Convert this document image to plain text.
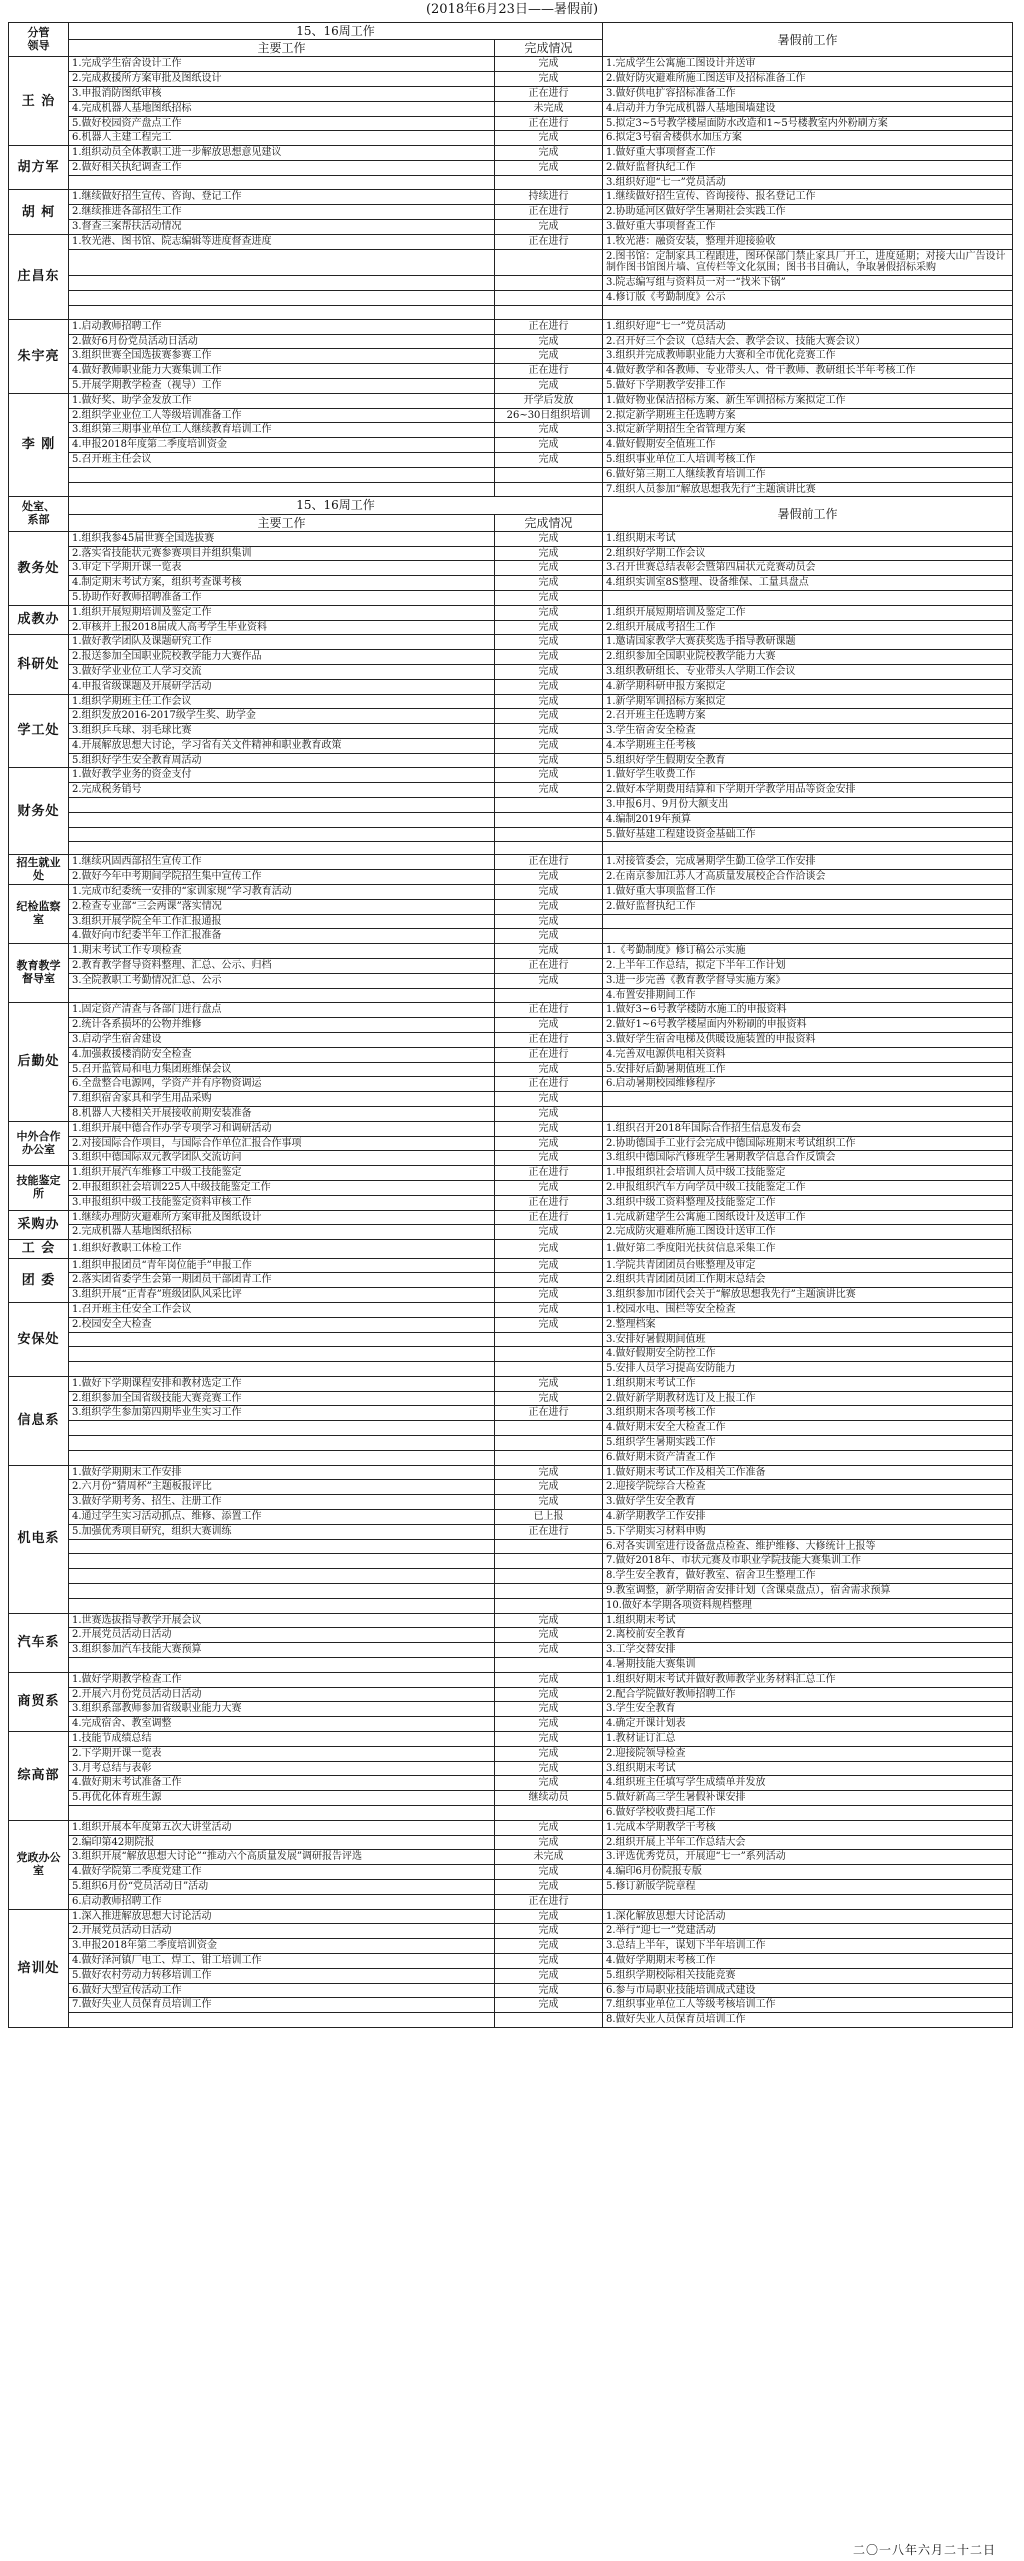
(2018年6月23日——暑假前)
分管
领导	15、16周工作		暑假前工作
	主要工作	完成情况	
王 治	1.完成学生宿舍设计工作	完成	1.完成学生公寓施工图设计并送审
	2.完成救援所方案审批及图纸设计	完成	2.做好防灾避难所施工图送审及招标准备工作
	3.申报消防图纸审核	正在进行	3.做好供电扩容招标准备工作
	4.完成机器人基地图纸招标	未完成	4.启动并力争完成机器人基地围墙建设
	5.做好校园资产盘点工作	正在进行	5.拟定3~5号教学楼屋面防水改造和1~5号楼教室内外粉刷方案
	6.机器人主建工程完工	完成	6.拟定3号宿舍楼供水加压方案
胡方军	1.组织动员全体教职工进一步解放思想意见建议	完成	1.做好重大事项督查工作
	2.做好相关执纪调查工作	完成	2.做好监督执纪工作
			3.组织好迎“七一”党员活动
胡 柯	1.继续做好招生宣传、咨询、登记工作	持续进行	1.继续做好招生宣传、咨询接待、报名登记工作
	2.继续推进各部招生工作	正在进行	2.协助延河区做好学生暑期社会实践工作
	3.督查三案帮扶活动情况	完成	3.做好重大事项督查工作
庄昌东	1.牧光港、图书馆、院志编辑等进度督查进度	正在进行	1.牧光港：融资安装，整理并迎接验收
			2.图书馆：定制家具工程跟进，图环保部门禁止家具厂开工，进度延期；对接大山广告设计制作图书馆图片墙、宣传栏等文化氛围；图书书目确认，争取暑假招标采购
			3.院志编写组与资料员一对一“找米下锅”
			4.修订版《考勤制度》公示

朱宇亮	1.启动教师招聘工作	正在进行	1.组织好迎“七一”党员活动
	2.做好6月份党员活动日活动	完成	2.召开好三个会议（总结大会、教学会议、技能大赛会议）
	3.组织世赛全国选拔赛参赛工作	完成	3.组织并完成教师职业能力大赛和全市优化竞赛工作
	4.做好教师职业能力大赛集训工作	正在进行	4.做好教学和各教师、专业带头人、骨干教师、教研组长半年考核工作
	5.开展学期教学检查（视导）工作	完成	5.做好下学期教学安排工作
李 刚	1.做好奖、助学金发放工作	开学后发放	1.做好物业保洁招标方案、新生军训招标方案拟定工作
	2.组织学业业位工人等级培训准备工作	26~30日组织培训	2.拟定新学期班主任选聘方案
	3.组织第三期事业单位工人继续教育培训工作	完成	3.拟定新学期招生全省管理方案
	4.申报2018年度第二季度培训资金	完成	4.做好假期安全值班工作
	5.召开班主任会议	完成	5.组织事业单位工人培训考核工作
			6.做好第三期工人继续教育培训工作
			7.组织人员参加“解放思想我先行”主题演讲比赛
处室、
系部	15、16周工作		暑假前工作
	主要工作	完成情况	
教务处	1.组织我参45届世赛全国选拔赛	完成	1.组织期末考试
	2.落实省技能状元赛参赛项目并组织集训	完成	2.组织好学期工作会议
	3.审定下学期开课一览表	完成	3.召开世赛总结表彰会暨第四届状元竞赛动员会
	4.制定期末考试方案，组织考查课考核	完成	4.组织实训室8S整理、设备维保、工量具盘点
	5.协助作好教师招聘准备工作	完成	
成教办	1.组织开展短期培训及鉴定工作	完成	1.组织开展短期培训及鉴定工作
	2.审核并上报2018届成人高考学生毕业资料	完成	2.组织开展成考招生工作
科研处	1.做好教学团队及课题研究工作	完成	1.邀请国家教学大赛获奖选手指导教研课题
	2.报送参加全国职业院校教学能力大赛作品	完成	2.组织参加全国职业院校教学能力大赛
	3.做好学业业位工人学习交流	完成	3.组织教研组长、专业带头人学期工作会议
	4.申报省级课题及开展研学活动	完成	4.新学期科研申报方案拟定
学工处	1.组织学期班主任工作会议	完成	1.新学期军训招标方案拟定
	2.组织发放2016-2017级学生奖、助学金	完成	2.召开班主任选聘方案
	3.组织乒乓球、羽毛球比赛	完成	3.学生宿舍安全检查
	4.开展解放思想大讨论，学习省有关文件精神和职业教育政策	完成	4.本学期班主任考核
	5.组织好学生安全教育周活动	完成	5.组织好学生假期安全教育
财务处	1.做好教学业务的资金支付	完成	1.做好学生收费工作
	2.完成税务销号	完成	2.做好本学期费用结算和下学期开学教学用品等资金安排
			3.申报6月、9月份大额支出
			4.编制2019年预算
			5.做好基建工程建设资金基础工作

招生就业处	1.继续巩固西部招生宣传工作	正在进行	1.对接管委会，完成暑期学生勤工俭学工作安排
	2.做好今年中考期间学院招生集中宣传工作	完成	2.在南京参加江苏人才高质量发展校企合作洽谈会
纪检监察室	1.完成市纪委统一安排的“家训家规”学习教育活动	完成	1.做好重大事项监督工作
	2.检查专业部“三会两课”落实情况	完成	2.做好监督执纪工作
	3.组织开展学院全年工作汇报通报	完成	
	4.做好向市纪委半年工作汇报准备	完成	
教育教学督导室	1.期末考试工作专项检查	完成	1.《考勤制度》修订稿公示实施
	2.教育教学督导资料整理、汇总、公示、归档	正在进行	2.上半年工作总结，拟定下半年工作计划
	3.全院教职工考勤情况汇总、公示	完成	3.进一步完善《教育教学督导实施方案》
			4.布置安排期间工作
后勤处	1.固定资产清查与各部门进行盘点	正在进行	1.做好3~6号教学楼防水施工的申报资料
	2.统计各系损坏的公物并维修	完成	2.做好1~6号教学楼屋面内外粉刷的申报资料
	3.启动学生宿舍建设	正在进行	3.做好学生宿舍电梯及供暖设施装置的申报资料
	4.加强救援楼消防安全检查	正在进行	4.完善双电源供电相关资料
	5.召开监管局和电力集团班维保会议	完成	5.安排好后勤暑期值班工作
	6.全盘整合电源网，学资产并有序物资调运	正在进行	6.启动暑期校园维修程序
	7.组织宿舍家具和学生用品采购	完成	
	8.机器人大楼相关开展接收前期安装准备	完成	
中外合作办公室	1.组织开展中德合作办学专项学习和调研活动	完成	1.组织召开2018年国际合作招生信息发布会
	2.对接国际合作项目，与国际合作单位汇报合作事项	完成	2.协助德国手工业行会完成中德国际班期末考试组织工作
	3.组织中德国际双元教学团队交流访问	完成	3.组织中德国际汽修班学生暑期教学信息合作反馈会
技能鉴定所	1.组织开展汽车维修工中级工技能鉴定	正在进行	1.申报组织社会培训人员中级工技能鉴定
	2.申报组织社会培训225人中级技能鉴定工作	完成	2.申报组织汽车方向学员中级工技能鉴定工作
	3.申报组织中级工技能鉴定资料审核工作	正在进行	3.组织中级工资料整理及技能鉴定工作
采购办	1.继续办理防灾避难所方案审批及图纸设计	正在进行	1.完成新建学生公寓施工图纸设计及送审工作
	2.完成机器人基地图纸招标	完成	2.完成防灾避难所施工图设计送审工作
工 会	1.组织好教职工体检工作	完成	1.做好第二季度阳光扶贫信息采集工作
团 委	1.组织申报团员“青年岗位能手”申报工作	完成	1.学院共青团团员台账整理及审定
	2.落实团省委学生会第一期团员干部团青工作	完成	2.组织共青团团员团工作期末总结会
	3.组织开展“正青春”班级团队风采比评	完成	3.组织参加市团代会关于“解放思想我先行”主题演讲比赛
安保处	1.召开班主任安全工作会议	完成	1.校园水电、围栏等安全检查
	2.校园安全大检查	完成	2.整理档案
			3.安排好暑假期间值班
			4.做好假期安全防控工作
			5.安排人员学习提高安防能力
信息系	1.做好下学期课程安排和教材选定工作	完成	1.组织期末考试工作
	2.组织参加全国省级技能大赛竞赛工作	完成	2.做好新学期教材选订及上报工作
	3.组织学生参加第四期毕业生实习工作	正在进行	3.组织期末各项考核工作
			4.做好期末安全大检查工作
			5.组织学生暑期实践工作
			6.做好期末资产清查工作
机电系	1.做好学期期末工作安排	完成	1.做好期末考试工作及相关工作准备
	2.六月份“猜周杯”主题板报评比	完成	2.迎接学院综合大检查
	3.做好学期考务、招生、注册工作	完成	3.做好学生安全教育
	4.通过学生实习活动抓点、维修、添置工作	已上报	4.新学期教学工作安排
	5.加强优秀项目研究，组织大赛训练	正在进行	5.下学期实习材料申购
			6.对各实训室进行设备盘点检查、维护维修、大修统计上报等
			7.做好2018年、市状元赛及市职业学院技能大赛集训工作
			8.学生安全教育，做好教室、宿舍卫生整理工作
			9.教室调整，新学期宿舍安排计划（含课桌盘点），宿舍需求预算
			10.做好本学期各项资料规档整理
汽车系	1.世赛选拔指导教学开展会议	完成	1.组织期末考试
	2.开展党员活动日活动	完成	2.离校前安全教育
	3.组织参加汽车技能大赛预算	完成	3.工学交替安排
			4.暑期技能大赛集训
商贸系	1.做好学期教学检查工作	完成	1.组织好期末考试并做好教师教学业务材料汇总工作
	2.开展六月份党员活动日活动	完成	2.配合学院做好教师招聘工作
	3.组织系部教师参加省级职业能力大赛	完成	3.学生安全教育
	4.完成宿舍、教室调整	完成	4.确定开课计划表
综高部	1.技能节成绩总结	完成	1.教材证订汇总
	2.下学期开课一览表	完成	2.迎接院领导检查
	3.月考总结与表彰	完成	3.组织期末考试
	4.做好期末考试准备工作	完成	4.组织班主任填写学生成绩单并发放
	5.再优化体育班生源	继续动员	5.做好新高三学生暑假补课安排
			6.做好学校收费扫尾工作
党政办公室	1.组织开展本年度第五次大讲堂活动	完成	1.完成本学期教学干考核
	2.编印第42期院报	完成	2.组织开展上半年工作总结大会
	3.组织开展“解放思想大讨论”“推动六个高质量发展”调研报告评选	未完成	3.评选优秀党员，开展迎“七一”系列活动
	4.做好学院第二季度党建工作	完成	4.编印6月份院报专版
	5.组织6月份“党员活动日”活动	完成	5.修订新版学院章程
	6.启动教师招聘工作	正在进行	
培训处	1.深入推进解放思想大讨论活动	完成	1.深化解放思想大讨论活动
	2.开展党员活动日活动	完成	2.举行“迎七一”党建活动
	3.申报2018年第二季度培训资金	完成	3.总结上半年，谋划下半年培训工作
	4.做好泽河镇厂电工、焊工、钳工培训工作	完成	4.做好学期期末考核工作
	5.做好农村劳动力转移培训工作	完成	5.组织学期校际相关技能竞赛
	6.做好大型宣传活动工作	完成	6.参与市局职业技能培训成式建设
	7.做好失业人员保育员培训工作	完成	7.组织事业单位工人等级考核培训工作
			8.做好失业人员保育员培训工作
二〇一八年六月二十二日
